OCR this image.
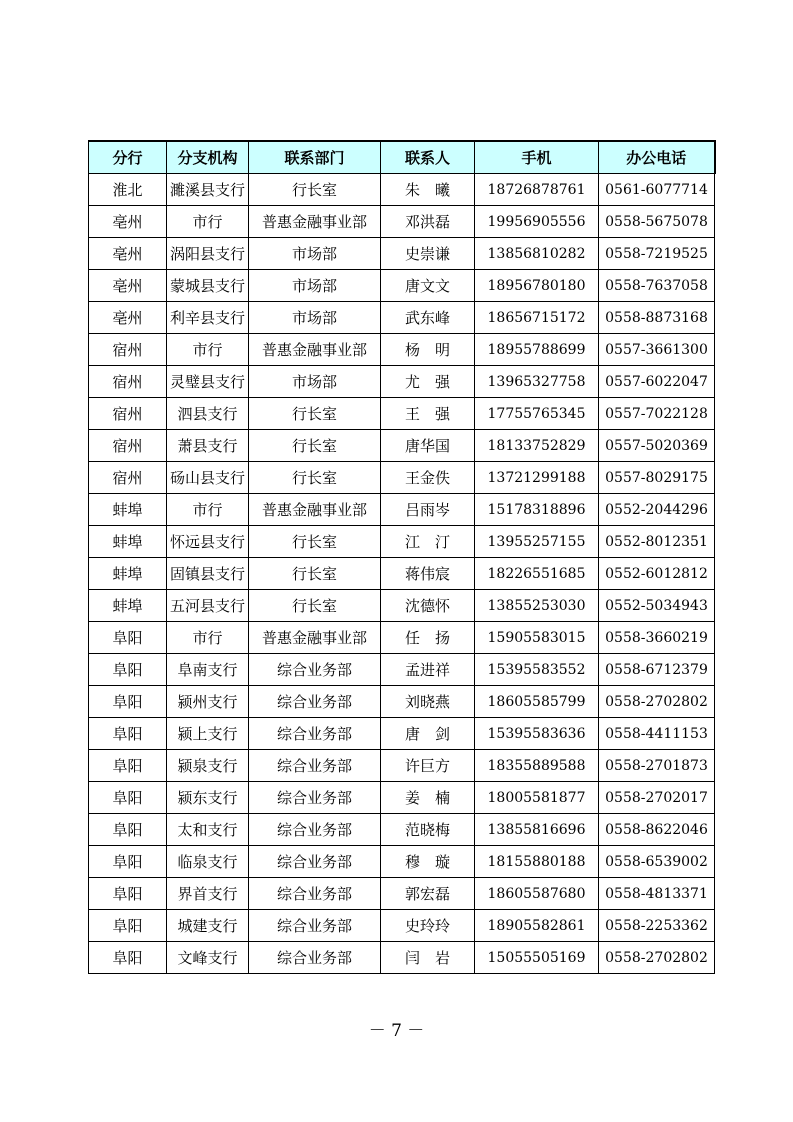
分行	分支机构	联系部门	联系人	手机	办公电话
淮北	濉溪县支行	行长室	朱　曦	18726878761	0561-6077714
亳州	市行	普惠金融事业部	邓洪磊	19956905556	0558-5675078
亳州	涡阳县支行	市场部	史崇谦	13856810282	0558-7219525
亳州	蒙城县支行	市场部	唐文文	18956780180	0558-7637058
亳州	利辛县支行	市场部	武东峰	18656715172	0558-8873168
宿州	市行	普惠金融事业部	杨　明	18955788699	0557-3661300
宿州	灵璧县支行	市场部	尤　强	13965327758	0557-6022047
宿州	泗县支行	行长室	王　强	17755765345	0557-7022128
宿州	萧县支行	行长室	唐华国	18133752829	0557-5020369
宿州	砀山县支行	行长室	王金佚	13721299188	0557-8029175
蚌埠	市行	普惠金融事业部	吕雨岑	15178318896	0552-2044296
蚌埠	怀远县支行	行长室	江　汀	13955257155	0552-8012351
蚌埠	固镇县支行	行长室	蒋伟宸	18226551685	0552-6012812
蚌埠	五河县支行	行长室	沈德怀	13855253030	0552-5034943
阜阳	市行	普惠金融事业部	任　扬	15905583015	0558-3660219
阜阳	阜南支行	综合业务部	孟进祥	15395583552	0558-6712379
阜阳	颍州支行	综合业务部	刘晓燕	18605585799	0558-2702802
阜阳	颍上支行	综合业务部	唐　剑	15395583636	0558-4411153
阜阳	颍泉支行	综合业务部	许巨方	18355889588	0558-2701873
阜阳	颍东支行	综合业务部	姜　楠	18005581877	0558-2702017
阜阳	太和支行	综合业务部	范晓梅	13855816696	0558-8622046
阜阳	临泉支行	综合业务部	穆　璇	18155880188	0558-6539002
阜阳	界首支行	综合业务部	郭宏磊	18605587680	0558-4813371
阜阳	城建支行	综合业务部	史玲玲	18905582861	0558-2253362
阜阳	文峰支行	综合业务部	闫　岩	15055505169	0558-2702802
－ 7 －
